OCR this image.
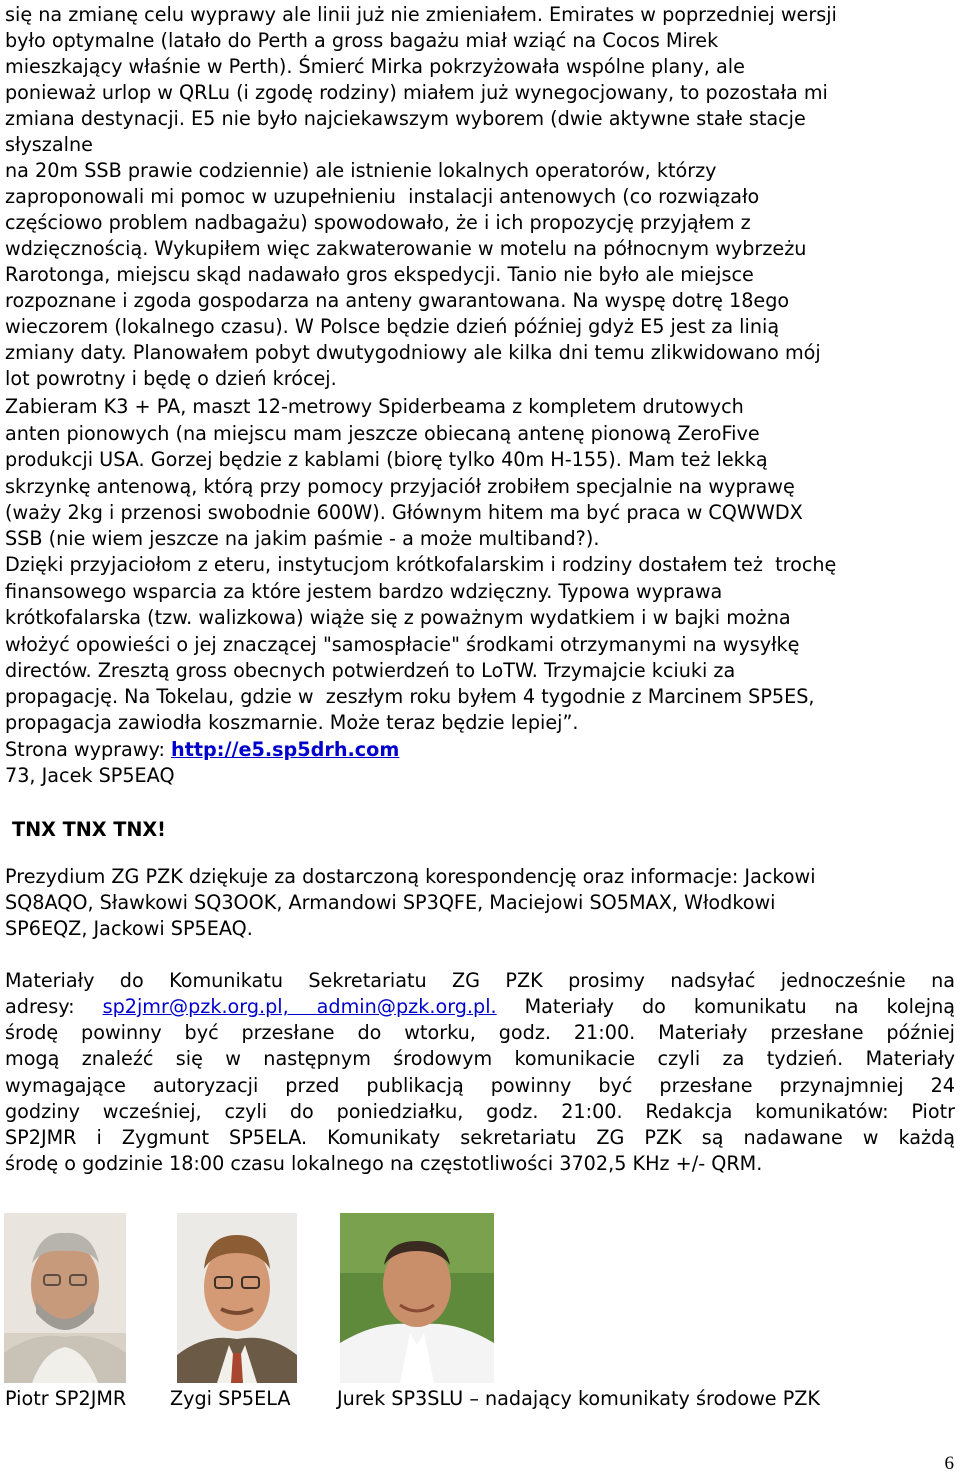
się na zmianę celu wyprawy ale linii już nie zmieniałem. Emirates w poprzedniej wersji
było optymalne (latało do Perth a gross bagażu miał wziąć na Cocos Mirek
mieszkający właśnie w Perth). Śmierć Mirka pokrzyżowała wspólne plany, ale
ponieważ urlop w QRLu (i zgodę rodziny) miałem już wynegocjowany, to pozostała mi
zmiana destynacji. E5 nie było najciekawszym wyborem (dwie aktywne stałe stacje
słyszalne
na 20m SSB prawie codziennie) ale istnienie lokalnych operatorów, którzy
zaproponowali mi pomoc w uzupełnieniu  instalacji antenowych (co rozwiązało
częściowo problem nadbagażu) spowodowało, że i ich propozycję przyjąłem z
wdzięcznością. Wykupiłem więc zakwaterowanie w motelu na północnym wybrzeżu
Rarotonga, miejscu skąd nadawało gros ekspedycji. Tanio nie było ale miejsce
rozpoznane i zgoda gospodarza na anteny gwarantowana. Na wyspę dotrę 18ego
wieczorem (lokalnego czasu). W Polsce będzie dzień później gdyż E5 jest za linią
zmiany daty. Planowałem pobyt dwutygodniowy ale kilka dni temu zlikwidowano mój
lot powrotny i będę o dzień krócej.
Zabieram K3 + PA, maszt 12-metrowy Spiderbeama z kompletem drutowych
anten pionowych (na miejscu mam jeszcze obiecaną antenę pionową ZeroFive
produkcji USA. Gorzej będzie z kablami (biorę tylko 40m H-155). Mam też lekką
skrzynkę antenową, którą przy pomocy przyjaciół zrobiłem specjalnie na wyprawę
(waży 2kg i przenosi swobodnie 600W). Głównym hitem ma być praca w CQWWDX
SSB (nie wiem jeszcze na jakim paśmie - a może multiband?).
Dzięki przyjaciołom z eteru, instytucjom krótkofalarskim i rodziny dostałem też  trochę
finansowego wsparcia za które jestem bardzo wdzięczny. Typowa wyprawa
krótkofalarska (tzw. walizkowa) wiąże się z poważnym wydatkiem i w bajki można
włożyć opowieści o jej znaczącej "samospłacie" środkami otrzymanymi na wysyłkę
directów. Zresztą gross obecnych potwierdzeń to LoTW. Trzymajcie kciuki za
propagację. Na Tokelau, gdzie w  zeszłym roku byłem 4 tygodnie z Marcinem SP5ES,
propagacja zawiodła koszmarnie. Może teraz będzie lepiej”.
Strona wyprawy: http://e5.sp5drh.com
73, Jacek SP5EAQ
TNX TNX TNX!
Prezydium ZG PZK dziękuje za dostarczoną korespondencję oraz informacje: Jackowi
SQ8AQO, Sławkowi SQ3OOK, Armandowi SP3QFE, Maciejowi SO5MAX, Włodkowi
SP6EQZ, Jackowi SP5EAQ.
Materiały do Komunikatu Sekretariatu ZG PZK prosimy nadsyłać jednocześnie na
adresy: sp2jmr@pzk.org.pl, admin@pzk.org.pl. Materiały do komunikatu na kolejną
środę powinny być przesłane do wtorku, godz. 21:00. Materiały przesłane później
mogą znaleźć się w następnym środowym komunikacie czyli za tydzień. Materiały
wymagające autoryzacji przed publikacją powinny być przesłane przynajmniej 24
godziny wcześniej, czyli do poniedziałku, godz. 21:00. Redakcja komunikatów: Piotr
SP2JMR i Zygmunt SP5ELA. Komunikaty sekretariatu ZG PZK są nadawane w każdą
środę o godzinie 18:00 czasu lokalnego na częstotliwości 3702,5 KHz +/- QRM.
Piotr SP2JMR Zygi SP5ELA Jurek SP3SLU – nadający komunikaty środowe PZK
6
